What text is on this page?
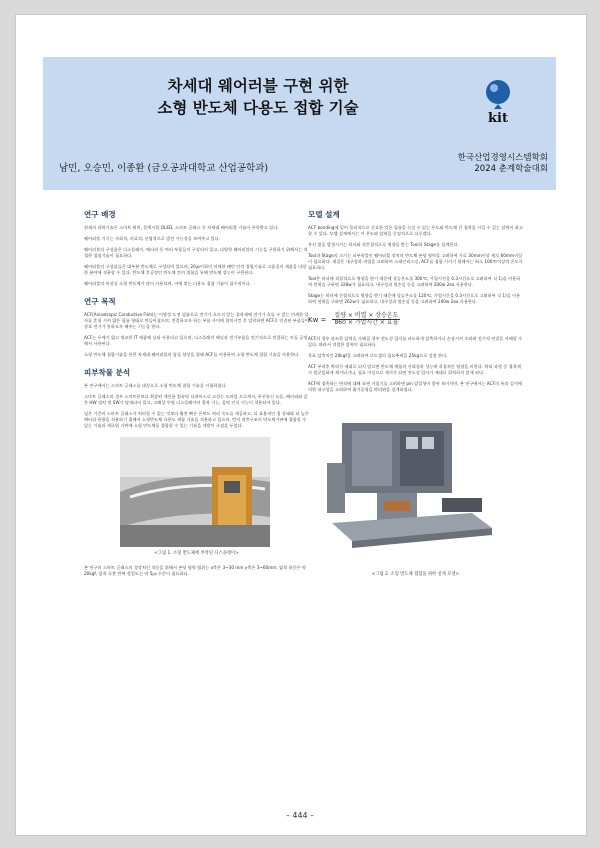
차세대 웨어러블 구현 위한
소형 반도체 다용도 접합 기술
kit
남민, 오승민, 이종환 (금오공과대학교 산업공학과)
한국산업경영시스템학회
2024 춘계학술대회
연구 배경

현재의 과학기술은 스마트 워치, 플렉시블 OLED, 스마트 글래스 등 차세대 웨어러블 기술이 주목받고 있다.

웨어러블 기기는 사회적, 의료적, 산업적으로 발전 가능성을 보여주고 있다.

웨어러블의 구성품은 디스플레이, 배터리 등 여러 부품들이 구성되어 있고, 다양한 웨어러블의 기능을 구현하기 위해서는 적절한 접합기술이 필요하다.

웨어러블의 구성품들은 대부분 반도체로 구성되어 있으며, 20㎛이하의 미세한 패턴 안의 접합기술로 고품질의 제품을 다양한 분야에 적용할 수 있다. 반도체 후공정인 반도체 간의 접합을 통해 반도체 성능이 구현된다.

웨어러블의 특성상 소형 반도체가 많이 사용되며, 이에 맞는 다용도 접합 기술이 필수적이다.

연구 목적

ACF(Anisotropic Conductive Film)는 이방성 도전 필름으로 전기가 흐르지 않는 접착제에 전기가 흐를 수 있는 미세한 입자를 혼합 시켜 얇은 필름 형태로 만들어졌으며, 연결하고자 하는 부품 사이에 위치시킨 후 압착하면 ACF로 연결된 부품들이 상호 전기가 통하도록 해주는 기능을 한다.

ACF는 두께가 얇고 정교한 IT 제품에 널리 사용되고 있으며, 디스플레이 패널과 전기부품을 전기적으로 연결하는 모듈 공정에서 사용된다.

소형 반도체 접합기술을 통한 차세대 웨어러블의 품질 향상을 위해 ACF를 이용하여 소형 반도체 접합 기술을 사용한다.

피부착물 분석

본 연구에서는 스마트 글래스를 대상으로 소형 반도체 접합 기술을 시험하였다.

스마트 글래스의 경우 스마트폰보다 획장된 개인용 컴퓨팅 디바이스로 고성능 모바일 프로세서, 무선통신 모듈, 배터리와 같은 HW 정치 및 SW가 탑재되어 있고, 고해상 투명 디스플레이어 광학 기능, 음악 인식 기능이 적용되어 있다.

임은 기존의 스마트 글래스가 처리할 수 있는 것보다 훨씬 빠른 온보드 처리 속도를 제공하고, 더 효율적인 접 상태와 더 높은 배터리 용량을 적용하기 위해서 소형반도체 다용도 제합 기술을 적용하고 있으며, 먼저 적층구조의 반도체기판에 접합할 수 있는 기술과 새로워 기판에 소형 반도체를 접합할 수 있는 기술을 개발이 초점을 두었다.

<그림 1. 소형 반도체에 부착된 디스플레이>

본 연구의 스마트 글래스의 경상처인 적동을 위해서 본딩 영역 범위는 x축은 3~30 mm y축은 3~60mm, 압착 하중은 약 20kgf, 압착 로봇 반복 정밀도는 약 5㎛ 수준이 필요하다.

모델 설계

ACF bonding에 있어 물리적으로 중요한 것은 필름을 녹일 수 있는 온도와 반도체 간 접착을 시킬 수 있는 압력이 하고 할 수 있다. 모델 설계에서는 이 온도와 압력을 중점적으로 다루겠다.

우선 열을 발생시키는 히터와 직간접적으로 영향을 받는 Tool과 Stage를 설계한다.

Tool과 Stage의 크기는 피부착물인 웨어러블 장치의 반도체 본딩 영역을 고려하여 가로 30mm이상 세로 60mm이상이 필요하다. 재질은 내구성과 비열을 고려하여 스테인리스강, ACF를 접합 시키기 위해서는 최소 100℃이상의 온도가 필요하다.

Tool은 히터에 직접적으로 영향을 받기 때문에 상승온도를 300℃, 가열시간을 0.3시간으로 고려하여 식 1)을 이용하여 전력을 구하면 328w가 필요하고, 내구성과 열손실 등을 고려하여 200w 2ea 사용한다.

Stage는 히터에 간접적으로 영향을 받기 때문에 상승온도를 120℃, 가열시간을 0.3시간으로 고려하여 식 1)을 이용하여 전력을 구하면 262w가 필요하고, 내구성과 열손실 등을 고려하여 200w 2ea 사용한다.

$Kw = \frac{\text{질량 × 비열 × 상승온도}}{\text{860 × 가열시간 × 효율}}$

ACF의 경우 과도한 압력을 가해질 경우 전도성 입자를 파도하게 압축하거나 손상시켜 오히려 전기적 연결을 저해할 수 있다. 따라서 적절한 압력이 필요하다.

목표 압축치인 20kgf을 고려하여 로드셀의 필요추력을 25kg으로 설정 한다.

ACF 부착후 박리가 제대로 되지 않으면 반도체 제품의 신뢰성과 성능에 직접적인 영향을 미친다. 박리 과정 중 접착제가 불균일하게 제거되거나, 필요 이상으로 제거가 되면 전도성 입자가 제대로 위치하지 않게 된다.

ACF에 접촉하는 면적에 대해 표면 거칠기를 고려하면 pin 압입형이 좋아 보이지만, 본 연구에서는 ACF의 폭과 길이에 의한 내구성을 고려하여 흡가공형을 박리판을 설계하였다.

<그림 2. 소형 반도체 접합을 위한 설계 모델>
– 444 –
